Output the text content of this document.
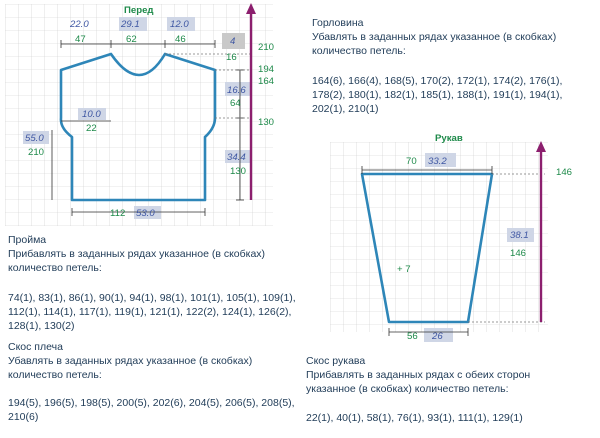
Перед
22.0
47
29.1
62
12.0
46	4
16
210
194
164
16.6
64
130
34.4
130
10.0
22
55.0
210
112 53.0
Рукав
70 33.2
146
38.1
146
+ 7
56 26
Горловина
Убавлять в заданных рядах указанное (в скобках) количество петель:
164(6), 166(4), 168(5), 170(2), 172(1), 174(2), 176(1), 178(2), 180(1), 182(1), 185(1), 188(1), 191(1), 194(1), 202(1), 210(1)
Пройма
Прибавлять в заданных рядах указанное (в скобках) количество петель:
74(1), 83(1), 86(1), 90(1), 94(1), 98(1), 101(1), 105(1), 109(1), 112(1), 114(1), 117(1), 119(1), 121(1), 122(2), 124(1), 126(2), 128(1), 130(2)
Скос плеча
Убавлять в заданных рядах указанное (в скобках) количество петель:
194(5), 196(5), 198(5), 200(5), 202(6), 204(5), 206(5), 208(5), 210(6)
Скос рукава
Прибавлять в заданных рядах с обеих сторон указанное (в скобках) количество петель:
22(1), 40(1), 58(1), 76(1), 93(1), 111(1), 129(1)
